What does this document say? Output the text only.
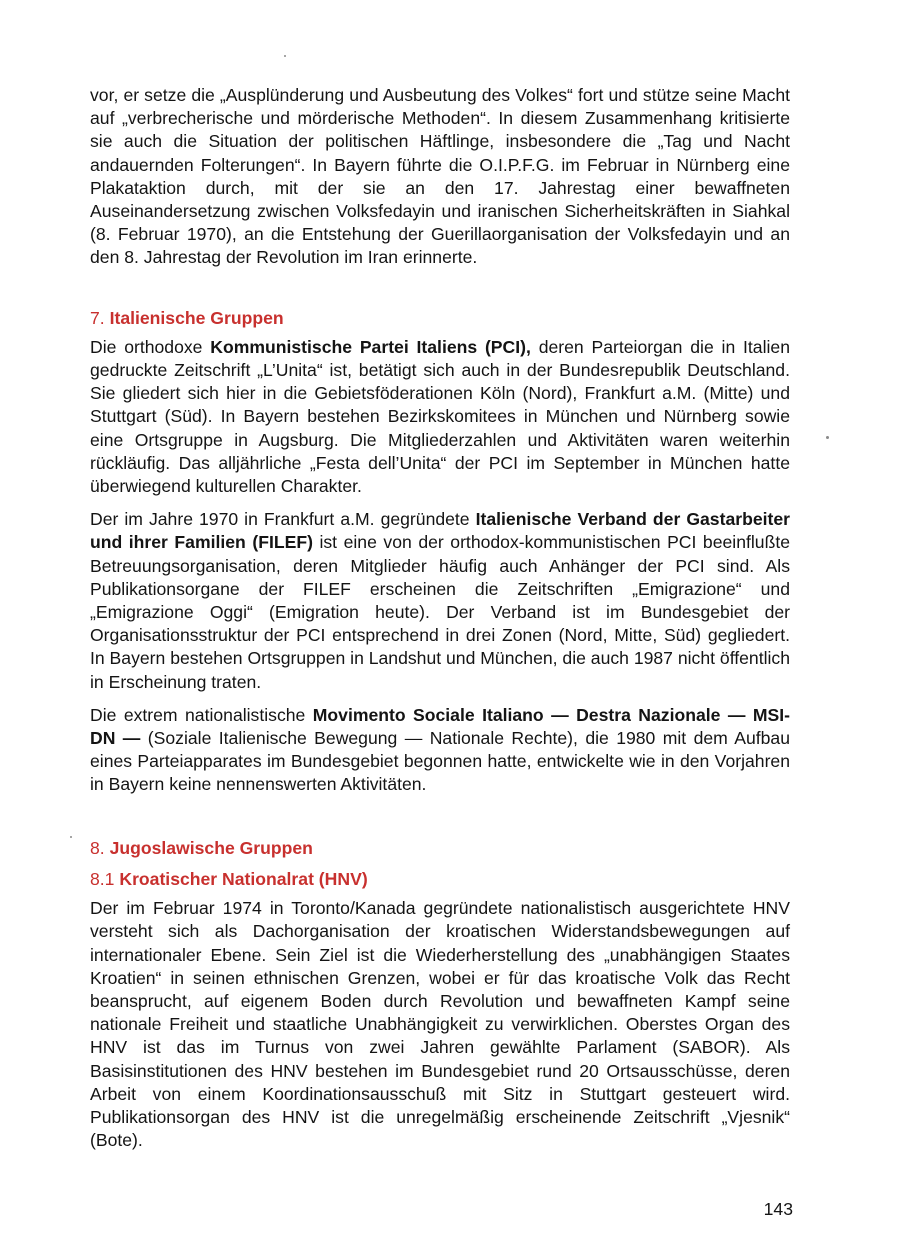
vor, er setze die „Ausplünderung und Ausbeutung des Volkes“ fort und stütze seine Macht auf „verbrecherische und mörderische Methoden“. In diesem Zusammenhang kritisierte sie auch die Situation der politischen Häftlinge, insbesondere die „Tag und Nacht andauernden Folterungen“. In Bayern führte die O.I.P.F.G. im Februar in Nürnberg eine Plakataktion durch, mit der sie an den 17. Jahrestag einer bewaffneten Auseinandersetzung zwischen Volksfedayin und iranischen Sicherheitskräften in Siahkal (8. Februar 1970), an die Entstehung der Guerillaorganisation der Volksfedayin und an den 8. Jahrestag der Revolution im Iran erinnerte.

7. Italienische Gruppen

Die orthodoxe Kommunistische Partei Italiens (PCI), deren Parteiorgan die in Italien gedruckte Zeitschrift „L’Unita“ ist, betätigt sich auch in der Bundesrepublik Deutschland. Sie gliedert sich hier in die Gebietsföderationen Köln (Nord), Frankfurt a.M. (Mitte) und Stuttgart (Süd). In Bayern bestehen Bezirkskomitees in München und Nürnberg sowie eine Ortsgruppe in Augsburg. Die Mitgliederzahlen und Aktivitäten waren weiterhin rückläufig. Das alljährliche „Festa dell’Unita“ der PCI im September in München hatte überwiegend kulturellen Charakter.

Der im Jahre 1970 in Frankfurt a.M. gegründete Italienische Verband der Gastarbeiter und ihrer Familien (FILEF) ist eine von der orthodox-kommunistischen PCI beeinflußte Betreuungsorganisation, deren Mitglieder häufig auch Anhänger der PCI sind. Als Publikationsorgane der FILEF erscheinen die Zeitschriften „Emigrazione“ und „Emigrazione Oggi“ (Emigration heute). Der Verband ist im Bundesgebiet der Organisationsstruktur der PCI entsprechend in drei Zonen (Nord, Mitte, Süd) gegliedert. In Bayern bestehen Ortsgruppen in Landshut und München, die auch 1987 nicht öffentlich in Erscheinung traten.

Die extrem nationalistische Movimento Sociale Italiano — Destra Nazionale — MSI-DN — (Soziale Italienische Bewegung — Nationale Rechte), die 1980 mit dem Aufbau eines Parteiapparates im Bundesgebiet begonnen hatte, entwickelte wie in den Vorjahren in Bayern keine nennenswerten Aktivitäten.

8. Jugoslawische Gruppen
8.1 Kroatischer Nationalrat (HNV)

Der im Februar 1974 in Toronto/Kanada gegründete nationalistisch ausgerichtete HNV versteht sich als Dachorganisation der kroatischen Widerstandsbewegungen auf internationaler Ebene. Sein Ziel ist die Wiederherstellung des „unabhängigen Staates Kroatien“ in seinen ethnischen Grenzen, wobei er für das kroatische Volk das Recht beansprucht, auf eigenem Boden durch Revolution und bewaffneten Kampf seine nationale Freiheit und staatliche Unabhängigkeit zu verwirklichen. Oberstes Organ des HNV ist das im Turnus von zwei Jahren gewählte Parlament (SABOR). Als Basisinstitutionen des HNV bestehen im Bundesgebiet rund 20 Ortsausschüsse, deren Arbeit von einem Koordinationsausschuß mit Sitz in Stuttgart gesteuert wird. Publikationsorgan des HNV ist die unregelmäßig erscheinende Zeitschrift „Vjesnik“ (Bote).

143
